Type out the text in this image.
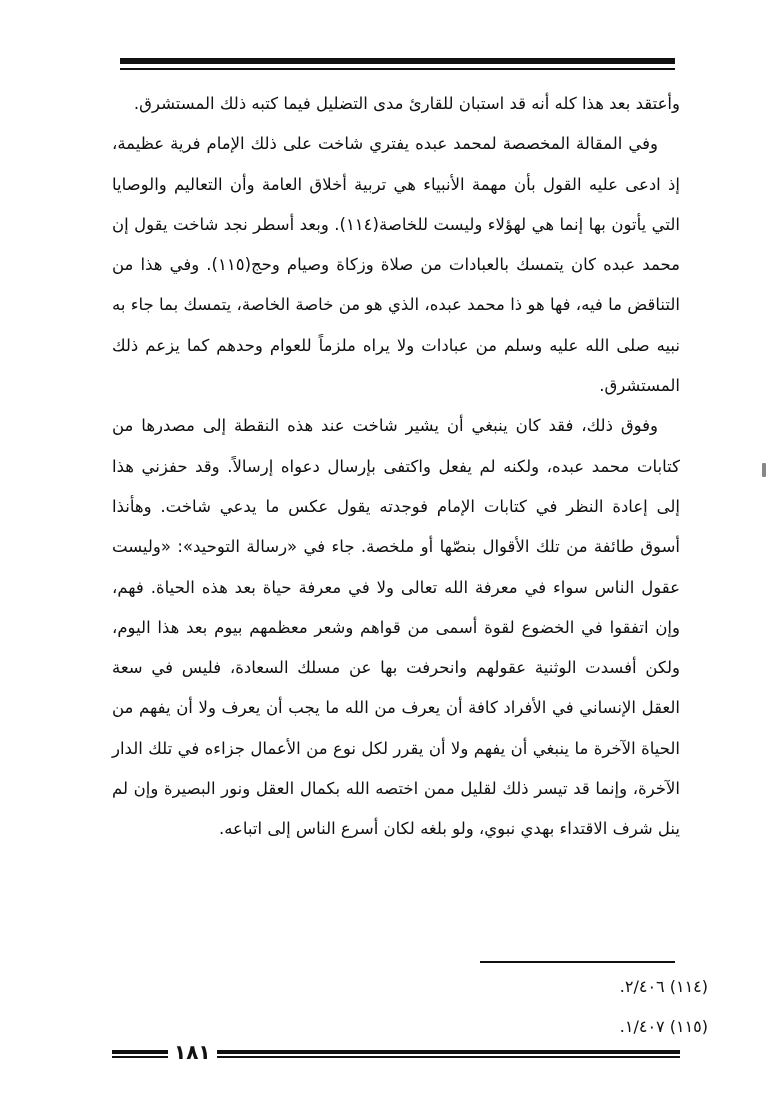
وأعتقد بعد هذا كله أنه قد استبان للقارئ مدى التضليل فيما كتبه ذلك المستشرق.

وفي المقالة المخصصة لمحمد عبده يفتري شاخت على ذلك الإمام فرية عظيمة، إذ ادعى عليه القول بأن مهمة الأنبياء هي تربية أخلاق العامة وأن التعاليم والوصايا التي يأتون بها إنما هي لهؤلاء وليست للخاصة(١١٤). وبعد أسطر نجد شاخت يقول إن محمد عبده كان يتمسك بالعبادات من صلاة وزكاة وصيام وحج(١١٥). وفي هذا من التناقض ما فيه، فها هو ذا محمد عبده، الذي هو من خاصة الخاصة، يتمسك بما جاء به نبيه صلى الله عليه وسلم من عبادات ولا يراه ملزماً للعوام وحدهم كما يزعم ذلك المستشرق.

وفوق ذلك، فقد كان ينبغي أن يشير شاخت عند هذه النقطة إلى مصدرها من كتابات محمد عبده، ولكنه لم يفعل واكتفى بإرسال دعواه إرسالاً. وقد حفزني هذا إلى إعادة النظر في كتابات الإمام فوجدته يقول عكس ما يدعي شاخت. وهأنذا أسوق طائفة من تلك الأقوال بنصّها أو ملخصة. جاء في «رسالة التوحيد»: «وليست عقول الناس سواء في معرفة الله تعالى ولا في معرفة حياة بعد هذه الحياة. فهم، وإن اتفقوا في الخضوع لقوة أسمى من قواهم وشعر معظمهم بيوم بعد هذا اليوم، ولكن أفسدت الوثنية عقولهم وانحرفت بها عن مسلك السعادة، فليس في سعة العقل الإنساني في الأفراد كافة أن يعرف من الله ما يجب أن يعرف ولا أن يفهم من الحياة الآخرة ما ينبغي أن يفهم ولا أن يقرر لكل نوع من الأعمال جزاءه في تلك الدار الآخرة، وإنما قد تيسر ذلك لقليل ممن اختصه الله بكمال العقل ونور البصيرة وإن لم ينل شرف الاقتداء بهدي نبوي، ولو بلغه لكان أسرع الناس إلى اتباعه.

(١١٤) ٢/٤٠٦.
(١١٥) ١/٤٠٧.
١٨١
